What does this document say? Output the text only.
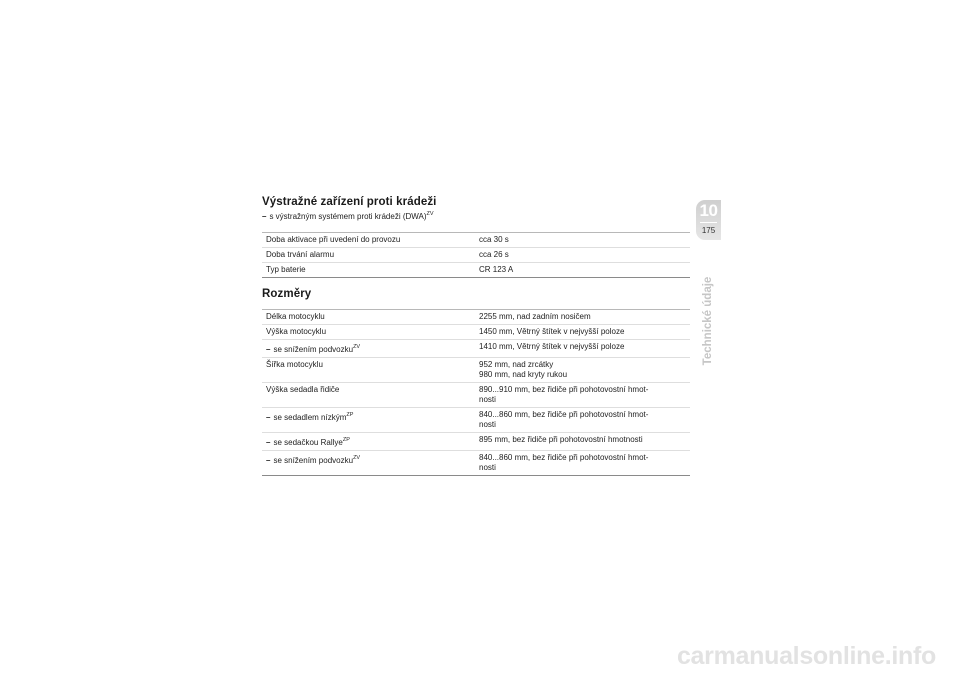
Výstražné zařízení proti krádeži
– s výstražným systémem proti krádeži (DWA)$^{ZV}$
Doba aktivace při uvedení do provozu	cca 30 s
Doba trvání alarmu	cca 26 s
Typ baterie	CR 123 A
Rozměry
Délka motocyklu	2255 mm, nad zadním nosičem
Výška motocyklu	1450 mm, Větrný štítek v nejvyšší poloze
– se snížením podvozku$^{ZV}$	1410 mm, Větrný štítek v nejvyšší poloze
Šířka motocyklu	952 mm, nad zrcátky
980 mm, nad kryty rukou

Výška sedadla řidiče	890...910 mm, bez řidiče při pohotovostní hmot-
nosti

– se sedadlem nízkým$^{ZP}$	840...860 mm, bez řidiče při pohotovostní hmot-
nosti

– se sedačkou Rallye$^{ZP}$	895 mm, bez řidiče při pohotovostní hmotnosti
– se snížením podvozku$^{ZV}$	840...860 mm, bez řidiče při pohotovostní hmot-
nosti
10
175
Technické údaje
carmanualsonline.info
